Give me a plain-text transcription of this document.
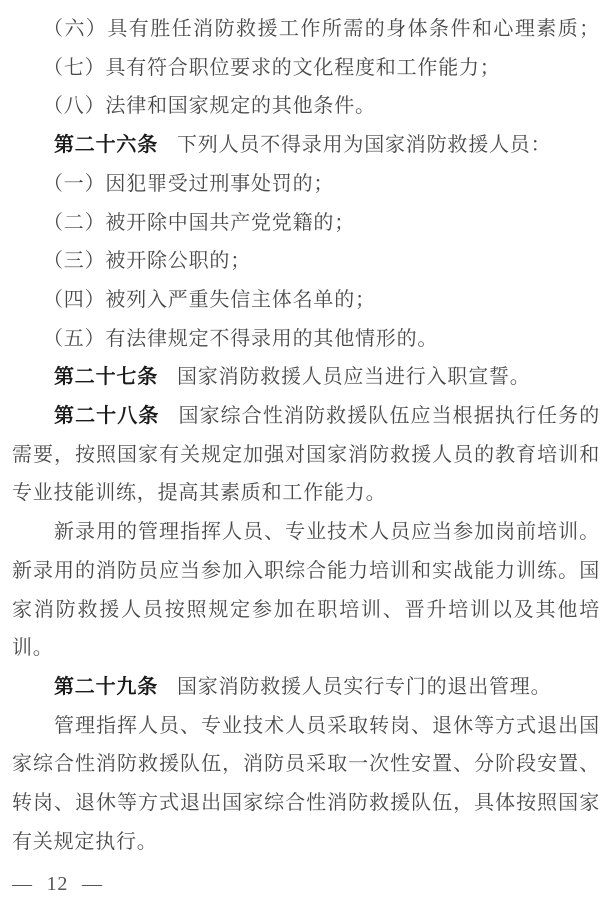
（六）具有胜任消防救援工作所需的身体条件和心理素质；
（七）具有符合职位要求的文化程度和工作能力；
（八）法律和国家规定的其他条件。
第二十六条 下列人员不得录用为国家消防救援人员：
（一）因犯罪受过刑事处罚的；
（二）被开除中国共产党党籍的；
（三）被开除公职的；
（四）被列入严重失信主体名单的；
（五）有法律规定不得录用的其他情形的。
第二十七条 国家消防救援人员应当进行入职宣誓。
第二十八条 国家综合性消防救援队伍应当根据执行任务的
需要，按照国家有关规定加强对国家消防救援人员的教育培训和
专业技能训练，提高其素质和工作能力。
新录用的管理指挥人员、专业技术人员应当参加岗前培训。
新录用的消防员应当参加入职综合能力培训和实战能力训练。国
家消防救援人员按照规定参加在职培训、晋升培训以及其他培
训。
第二十九条 国家消防救援人员实行专门的退出管理。
管理指挥人员、专业技术人员采取转岗、退休等方式退出国
家综合性消防救援队伍，消防员采取一次性安置、分阶段安置、
转岗、退休等方式退出国家综合性消防救援队伍，具体按照国家
有关规定执行。
— 12 —
